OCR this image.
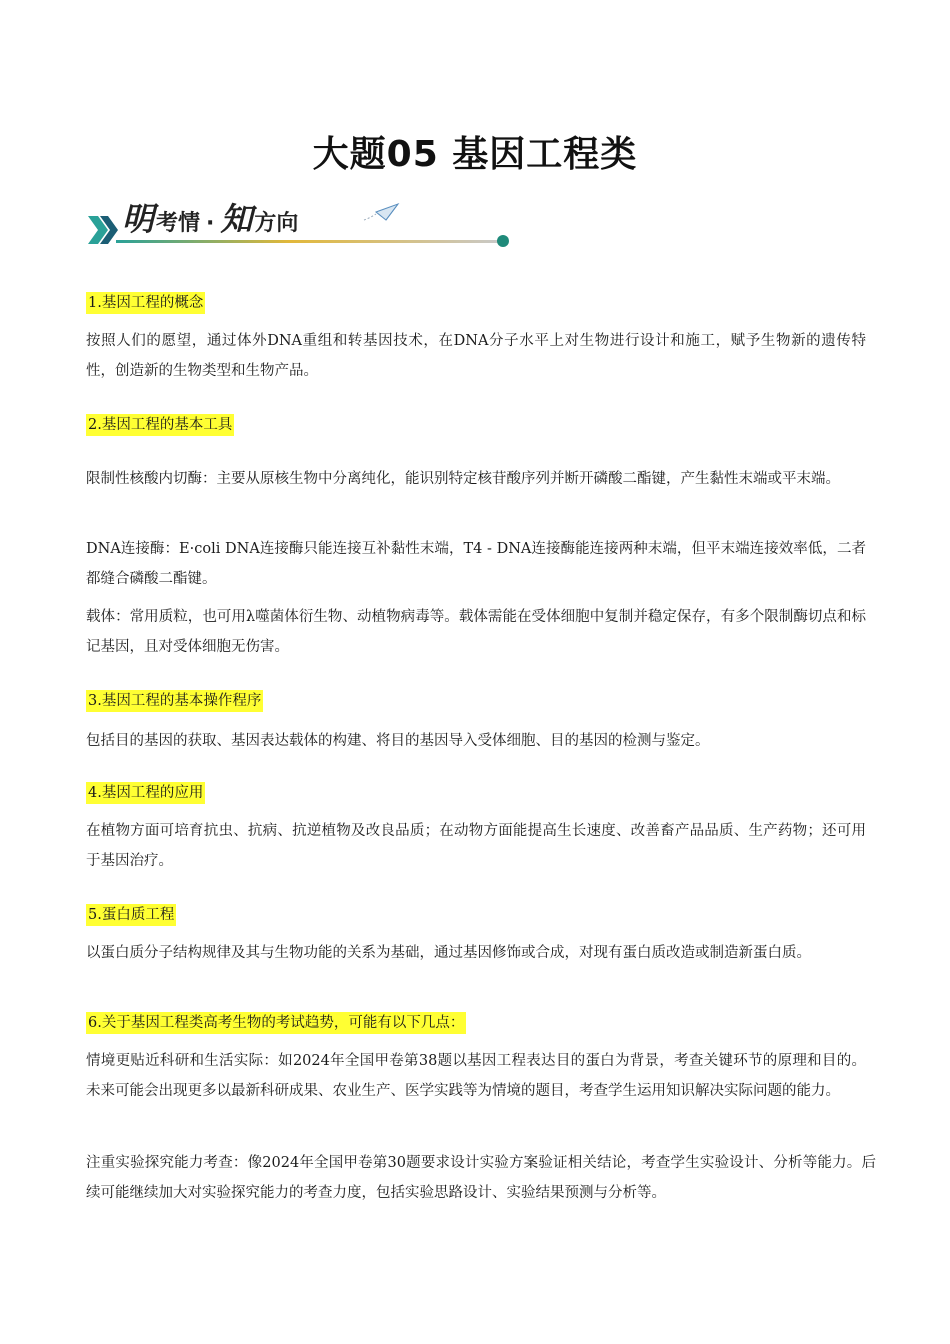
大题05 基因工程类
明 考情 · 知 方向
1.基因工程的概念

按照人们的愿望，通过体外DNA重组和转基因技术，在DNA分子水平上对生物进行设计和施工，赋予生物新的遗传特性，创造新的生物类型和生物产品。

2.基因工程的基本工具

限制性核酸内切酶：主要从原核生物中分离纯化，能识别特定核苷酸序列并断开磷酸二酯键，产生黏性末端或平末端。

DNA连接酶：E·coli DNA连接酶只能连接互补黏性末端，T4 - DNA连接酶能连接两种末端，但平末端连接效率低，二者都缝合磷酸二酯键。

载体：常用质粒，也可用λ噬菌体衍生物、动植物病毒等。载体需能在受体细胞中复制并稳定保存，有多个限制酶切点和标记基因，且对受体细胞无伤害。

3.基因工程的基本操作程序

包括目的基因的获取、基因表达载体的构建、将目的基因导入受体细胞、目的基因的检测与鉴定。

4.基因工程的应用

在植物方面可培育抗虫、抗病、抗逆植物及改良品质；在动物方面能提高生长速度、改善畜产品品质、生产药物；还可用于基因治疗。

5.蛋白质工程

以蛋白质分子结构规律及其与生物功能的关系为基础，通过基因修饰或合成，对现有蛋白质改造或制造新蛋白质。

6.关于基因工程类高考生物的考试趋势，可能有以下几点：

情境更贴近科研和生活实际：如2024年全国甲卷第38题以基因工程表达目的蛋白为背景，考查关键环节的原理和目的。未来可能会出现更多以最新科研成果、农业生产、医学实践等为情境的题目，考查学生运用知识解决实际问题的能力。

注重实验探究能力考查：像2024年全国甲卷第30题要求设计实验方案验证相关结论，考查学生实验设计、分析等能力。后续可能继续加大对实验探究能力的考查力度，包括实验思路设计、实验结果预测与分析等。
